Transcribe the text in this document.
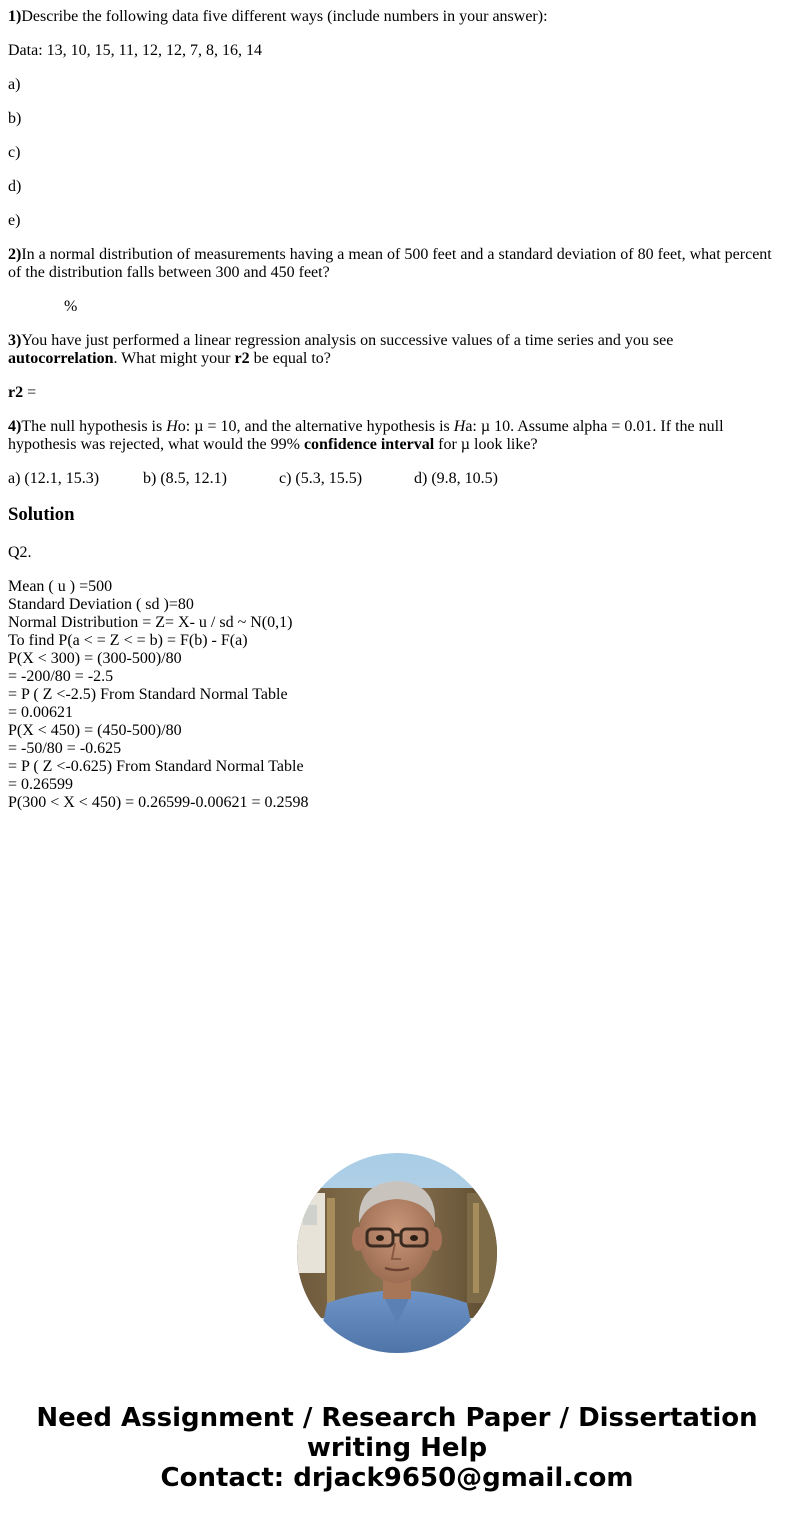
1)Describe the following data five different ways (include numbers in your answer):

Data: 13, 10, 15, 11, 12, 12, 7, 8, 16, 14

a)

b)

c)

d)

e)

2)In a normal distribution of measurements having a mean of 500 feet and a standard deviation of 80 feet, what percent of the distribution falls between 300 and 450 feet?

%

3)You have just performed a linear regression analysis on successive values of a time series and you see autocorrelation. What might your r2 be equal to?

r2 =

4)The null hypothesis is Ho: µ = 10, and the alternative hypothesis is Ha: µ 10. Assume alpha = 0.01. If the null hypothesis was rejected, what would the 99% confidence interval for µ look like?

a) (12.1, 15.3)	b) (8.5, 12.1)	c) (5.3, 15.5)	d) (9.8, 10.5)

Solution

Q2.

Mean ( u ) =500
Standard Deviation ( sd )=80
Normal Distribution = Z= X- u / sd ~ N(0,1)
To find P(a < = Z < = b) = F(b) - F(a)
P(X < 300) = (300-500)/80
= -200/80 = -2.5
= P ( Z <-2.5) From Standard Normal Table
= 0.00621
P(X < 450) = (450-500)/80
= -50/80 = -0.625
= P ( Z <-0.625) From Standard Normal Table
= 0.26599
P(300 < X < 450) = 0.26599-0.00621 = 0.2598
Need Assignment / Research Paper / Dissertation
writing Help
Contact: drjack9650@gmail.com
